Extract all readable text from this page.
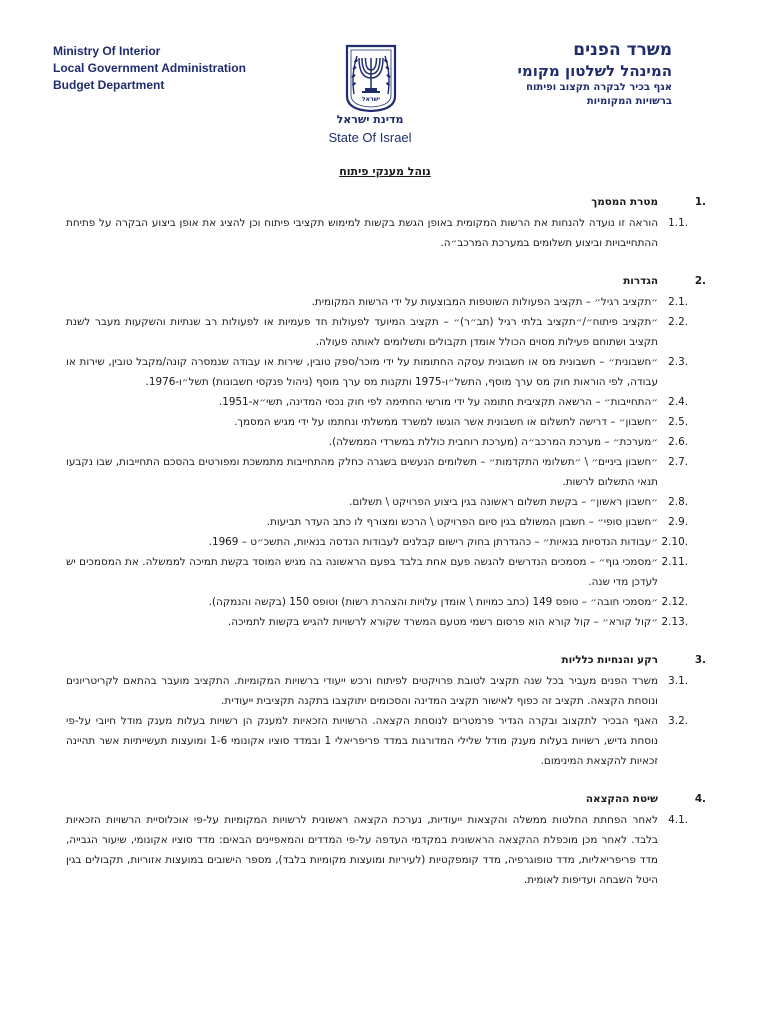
Ministry Of Interior
Local Government Administration
Budget Department
ישראל
משרד הפנים
המינהל לשלטון מקומי
אגף בכיר לבקרה תקצוב ופיתוח
ברשויות המקומיות
מדינת ישראל
State Of Israel
נוהל מענקי פיתוח
.1
מטרת המסמך
.1.1
הוראה זו נועדה להנחות את הרשות המקומית באופן הגשת בקשות למימוש תקציבי פיתוח וכן להציג את אופן ביצוע הבקרה על פתיחת ההתחייבויות וביצוע תשלומים במערכת המרכב״ה.
.2
הגדרות
.2.1
״תקציב רגיל״ – תקציב הפעולות השוטפות המבוצעות על ידי הרשות המקומית.
.2.2
״תקציב פיתוח״/״תקציב בלתי רגיל (תב״ר)״ – תקציב המיועד לפעולות חד פעמיות או לפעולות רב שנתיות והשקעות מעבר לשנת תקציב ושתוחם פעילות מסוים הכולל אומדן תקבולים ותשלומים לאותה פעולה.
.2.3
״חשבונית״ – חשבונית מס או חשבונית עסקה החתומות על ידי מוכר/ספק טובין, שירות או עבודה שנמסרה קונה/מקבל טובין, שירות או עבודה, לפי הוראות חוק מס ערך מוסף, התשל״ו-1975 ותקנות מס ערך מוסף (ניהול פנקסי חשבונות) תשל״ו-1976.
.2.4
״התחייבות״ – הרשאה תקציבית חתומה על ידי מורשי החתימה לפי חוק נכסי המדינה, תשי״א-1951.
.2.5
״חשבון״ – דרישה לתשלום או חשבונית אשר הוגשו למשרד ממשלתי ונחתמו על ידי מגיש המסמך.
.2.6
״מערכת״ – מערכת המרכב״ה (מערכת רוחבית כוללת במשרדי הממשלה).
.2.7
״חשבון ביניים״ \ ״תשלומי התקדמות״ – תשלומים הנעשים בשגרה כחלק מהתחייבות מתמשכת ומפורטים בהסכם התחייבות, שבו נקבעו תנאי התשלום לרשות.
.2.8
״חשבון ראשון״ – בקשת תשלום ראשונה בגין ביצוע הפרויקט \ תשלום.
.2.9
״חשבון סופי״ – חשבון המשולם בגין סיום הפרויקט \ הרכש ומצורף לו כתב העדר תביעות.
.2.10
״עבודות הנדסיות בנאיות״ – כהגדרתן בחוק רישום קבלנים לעבודות הנדסה בנאיות, התשכ״ט – 1969.
.2.11
״מסמכי גוף״ – מסמכים הנדרשים להגשה פעם אחת בלבד בפעם הראשונה בה מגיש המוסד בקשת תמיכה לממשלה. את המסמכים יש לעדכן מדי שנה.
.2.12
״מסמכי חובה״ – טופס 149 (כתב כמויות \ אומדן עלויות והצהרת רשות) וטופס 150 (בקשה והנמקה).
.2.13
״קול קורא״ – קול קורא הוא פרסום רשמי מטעם המשרד שקורא לרשויות להגיש בקשות לתמיכה.
.3
רקע והנחיות כלליות
.3.1
משרד הפנים מעביר בכל שנה תקציב לטובת פרויקטים לפיתוח ורכש ייעודי ברשויות המקומיות. התקציב מועבר בהתאם לקריטריונים ונוסחת הקצאה. תקציב זה כפוף לאישור תקציב המדינה והסכומים יתוקצבו בתקנה תקציבית ייעודית.
.3.2
האגף הבכיר לתקצוב ובקרה הגדיר פרמטרים לנוסחת הקצאה. הרשויות הזכאיות למענק הן רשויות בעלות מענק מודל חיובי על-פי נוסחת גדיש, רשויות בעלות מענק מודל שלילי המדורגות במדד פריפריאלי 1 ובמדד סוציו אקונומי 1-6 ומועצות תעשייתיות אשר תהיינה זכאיות להקצאת המינימום.
.4
שיטת ההקצאה
.4.1
לאחר הפחתת החלטות ממשלה והקצאות ייעודיות, נערכת הקצאה ראשונית לרשויות המקומיות על-פי אוכלוסיית הרשויות הזכאיות בלבד. לאחר מכן מוכפלת ההקצאה הראשונית במקדמי העדפה על-פי המדדים והמאפיינים הבאים: מדד סוציו אקונומי, שיעור הגבייה, מדד פריפריאליות, מדד טופוגרפיה, מדד קומפקטיות (לעיריות ומועצות מקומיות בלבד), מספר הישובים במועצות אזוריות, תקבולים בגין היטל השבחה ועדיפות לאומית.
